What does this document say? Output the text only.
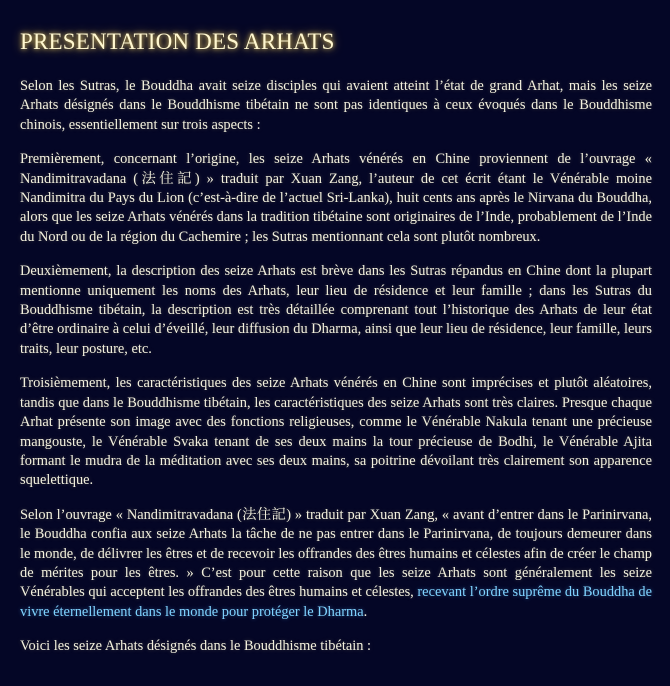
PRESENTATION DES ARHATS

Selon les Sutras, le Bouddha avait seize disciples qui avaient atteint l’état de grand Arhat, mais les seize Arhats désignés dans le Bouddhisme tibétain ne sont pas identiques à ceux évoqués dans le Bouddhisme chinois, essentiellement sur trois aspects :

Premièrement, concernant l’origine, les seize Arhats vénérés en Chine proviennent de l’ouvrage « Nandimitravadana (法住記) » traduit par Xuan Zang, l’auteur de cet écrit étant le Vénérable moine Nandimitra du Pays du Lion (c’est-à-dire de l’actuel Sri-Lanka), huit cents ans après le Nirvana du Bouddha, alors que les seize Arhats vénérés dans la tradition tibétaine sont originaires de l’Inde, probablement de l’Inde du Nord ou de la région du Cachemire ; les Sutras mentionnant cela sont plutôt nombreux.

Deuxièmement, la description des seize Arhats est brève dans les Sutras répandus en Chine dont la plupart mentionne uniquement les noms des Arhats, leur lieu de résidence et leur famille ; dans les Sutras du Bouddhisme tibétain, la description est très détaillée comprenant tout l’historique des Arhats de leur état d’être ordinaire à celui d’éveillé, leur diffusion du Dharma, ainsi que leur lieu de résidence, leur famille, leurs traits, leur posture, etc.

Troisièmement, les caractéristiques des seize Arhats vénérés en Chine sont imprécises et plutôt aléatoires, tandis que dans le Bouddhisme tibétain, les caractéristiques des seize Arhats sont très claires. Presque chaque Arhat présente son image avec des fonctions religieuses, comme le Vénérable Nakula tenant une précieuse mangouste, le Vénérable Svaka tenant de ses deux mains la tour précieuse de Bodhi, le Vénérable Ajita formant le mudra de la méditation avec ses deux mains, sa poitrine dévoilant très clairement son apparence squelettique.

Selon l’ouvrage « Nandimitravadana (法住記) » traduit par Xuan Zang, « avant d’entrer dans le Parinirvana, le Bouddha confia aux seize Arhats la tâche de ne pas entrer dans le Parinirvana, de toujours demeurer dans le monde, de délivrer les êtres et de recevoir les offrandes des êtres humains et célestes afin de créer le champ de mérites pour les êtres. » C’est pour cette raison que les seize Arhats sont généralement les seize Vénérables qui acceptent les offrandes des êtres humains et célestes, recevant l’ordre suprême du Bouddha de vivre éternellement dans le monde pour protéger le Dharma.

Voici les seize Arhats désignés dans le Bouddhisme tibétain :
